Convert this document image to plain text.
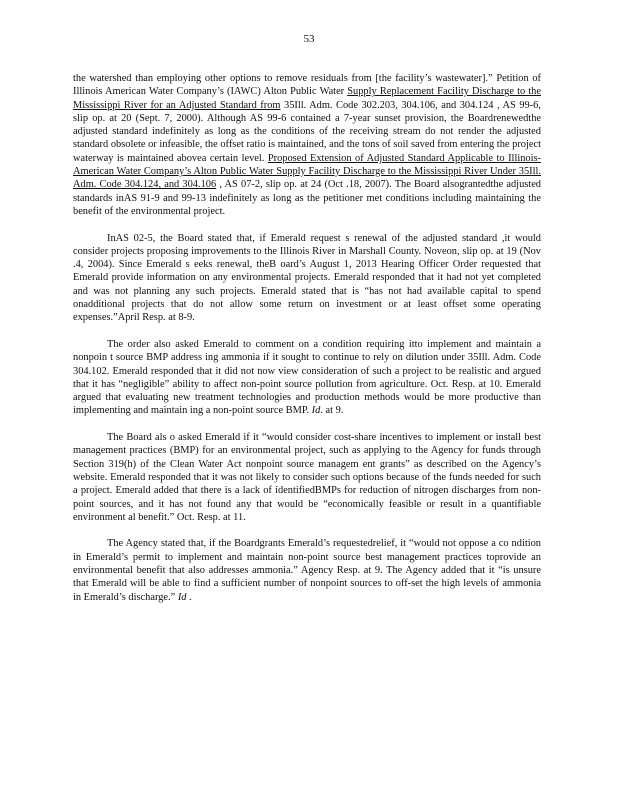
53

the watershed than employing other options to remove residuals from [the facility’s wastewater].” Petition of Illinois American Water Company’s (IAWC) Alton Public Water Supply Replacement Facility Discharge to the Mississippi River for an Adjusted Standard from 35Ill. Adm. Code 302.203, 304.106, and 304.124 , AS 99-6, slip op. at 20 (Sept. 7, 2000). Although AS 99-6 contained a 7-year sunset provision, the Boardrenewedthe adjusted standard indefinitely as long as the conditions of the receiving stream do not render the adjusted standard obsolete or infeasible, the offset ratio is maintained, and the tons of soil saved from entering the project waterway is maintained abovea certain level. Proposed Extension of Adjusted Standard Applicable to Illinois-American Water Company’s Alton Public Water Supply Facility Discharge to the Mississippi River Under 35Ill. Adm. Code 304.124, and 304.106 , AS 07-2, slip op. at 24 (Oct .18, 2007). The Board alsograntedthe adjusted standards inAS 91-9 and 99-13 indefinitely as long as the petitioner met conditions including maintaining the benefit of the environmental project.

InAS 02-5, the Board stated that, if Emerald request s renewal of the adjusted standard ,it would consider projects proposing improvements to the Illinois River in Marshall County. Noveon, slip op. at 19 (Nov .4, 2004). Since Emerald s eeks renewal, theB oard’s August 1, 2013 Hearing Officer Order requested that Emerald provide information on any environmental projects. Emerald responded that it had not yet completed and was not planning any such projects. Emerald stated that is “has not had available capital to spend onadditional projects that do not allow some return on investment or at least offset some operating expenses.”April Resp. at 8-9.

The order also asked Emerald to comment on a condition requiring itto implement and maintain a nonpoin t source BMP address ing ammonia if it sought to continue to rely on dilution under 35Ill. Adm. Code 304.102. Emerald responded that it did not now view consideration of such a project to be realistic and argued that it has “negligible” ability to affect non-point source pollution from agriculture. Oct. Resp. at 10. Emerald argued that evaluating new treatment technologies and production methods would be more productive than implementing and maintain ing a non-point source BMP. Id. at 9.

The Board als o asked Emerald if it “would consider cost-share incentives to implement or install best management practices (BMP) for an environmental project, such as applying to the Agency for funds through Section 319(h) of the Clean Water Act nonpoint source managem ent grants” as described on the Agency’s website. Emerald responded that it was not likely to consider such options because of the funds needed for such a project. Emerald added that there is a lack of identifiedBMPs for reduction of nitrogen discharges from non-point sources, and it has not found any that would be “economically feasible or result in a quantifiable environment al benefit.” Oct. Resp. at 11.

The Agency stated that, if the Boardgrants Emerald’s requestedrelief, it “would not oppose a co ndition in Emerald’s permit to implement and maintain non-point source best management practices toprovide an environmental benefit that also addresses ammonia.” Agency Resp. at 9. The Agency added that it “is unsure that Emerald will be able to find a sufficient number of nonpoint sources to off-set the high levels of ammonia in Emerald’s discharge.” Id .
